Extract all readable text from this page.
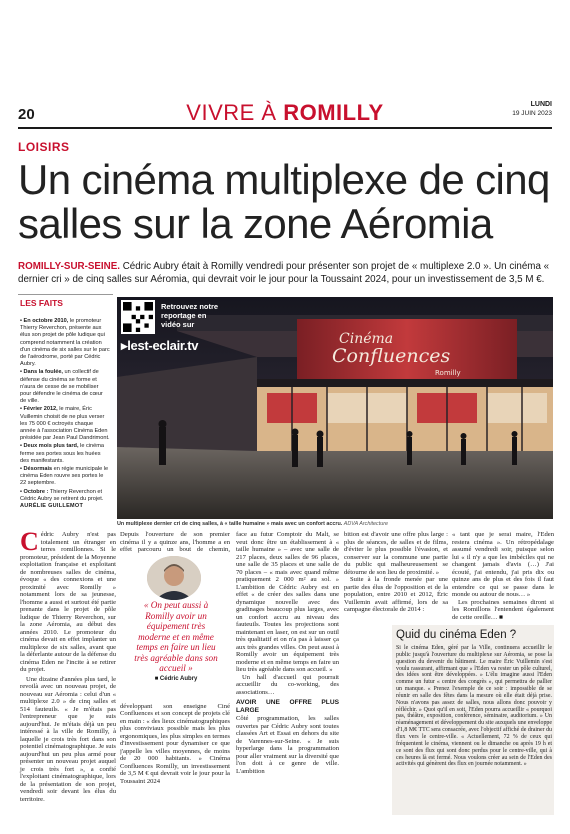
20	VIVRE À ROMILLY	LUNDI
19 JUIN 2023
LOISIRS
Un cinéma multiplexe de cinq salles sur la zone Aéromia
ROMILLY-SUR-SEINE. Cédric Aubry était à Romilly vendredi pour présenter son projet de « multiplexe 2.0 ». Un cinéma « dernier cri » de cinq salles sur Aéromia, qui devrait voir le jour pour la Toussaint 2024, pour un investissement de 3,5 M €.
LES FAITS

• En octobre 2010, le promoteur Thierry Reverchon, présente aux élus son projet de pôle ludique qui comprend notamment la création d'un cinéma de six salles sur le parc de l'aérodrome, porté par Cédric Aubry.

• Dans la foulée, un collectif de défense du cinéma se forme et n'aura de cesse de se mobiliser pour défendre le cinéma de cœur de ville.

• Février 2012, le maire, Éric Vuillemin choisit de ne plus verser les 75 000 € octroyés chaque année à l'association Cinéma Eden présidée par Jean Paul Dandrimont.

• Deux mois plus tard, le cinéma ferme ses portes sous les huées des manifestants.

• Désormais en régie municipale le cinéma Eden rouvre ses portes le 22 septembre.

• Octobre : Thierry Reverchon et Cédric Aubry se retirent du projet.

AURÉLIE GUILLEMOT
Cinéma
Confluences
Romilly
Retrouvez notre reportage en vidéo sur
▸lest-eclair.tv
Un multiplexe dernier cri de cinq salles, à « taille humaine » mais avec un confort accru. ADVA Architecture
Cédric Aubry n'est pas totalement un étranger en terres romillonnes. Si le promoteur, président de la Moyenne exploitation française et exploitant de nombreuses salles de cinéma, évoque « des connexions et une proximité avec Romilly » notamment lors de sa jeunesse, l'homme a aussi et surtout été partie prenante dans le projet de pôle ludique de Thierry Reverchon, sur la zone Aéromia, au début des années 2010. Le promoteur du cinéma devait en effet implanter un multiplexe de six salles, avant que la déferlante autour de la défense du cinéma Eden ne l'incite à se retirer du projet.
Une dizaine d'années plus tard, le revoilà avec un nouveau projet, de nouveau sur Aéromia : celui d'un « multiplexe 2.0 » de cinq salles et 514 fauteuils. « Je m'étais pas l'entrepreneur que je suis aujourd'hui. Je m'étais déjà un peu intéressé à la ville de Romilly, à laquelle je crois très fort dans son potentiel cinématographique. Je suis aujourd'hui un peu plus armé pour présenter un nouveau projet auquel je crois très fort », a confié l'exploitant cinématographique, lors de la présentation de son projet, vendredi soir devant les élus du territoire.
Depuis l'ouverture de son premier cinéma il y a quinze ans, l'homme a en effet parcouru un bout de chemin,
« On peut aussi à Romilly avoir un équipement très moderne et en même temps en faire un lieu très agréable dans son accueil »
■ Cédric Aubry
développant son enseigne Ciné Confluences et son concept de projets clé en main : « des lieux cinématographiques plus conviviaux possible mais les plus ergonomiques, les plus simples en termes d'investissement pour dynamiser ce que j'appelle les villes moyennes, de moins de 20 000 habitants. » Cinéma Confluences Romilly, un investissement de 3,5 M € qui devrait voir le jour pour la Toussaint 2024
face au futur Comptoir du Malt, se veut donc être un établissement à « taille humaine » – avec une salle de 217 places, deux salles de 96 places, une salle de 35 places et une salle de 70 places – « mais avec quand même pratiquement 2 000 m² au sol. » L'ambition de Cédric Aubry est en effet « de créer des salles dans une dynamique nouvelle avec des gradinages beaucoup plus larges, avec un confort accru au niveau des fauteuils. Toutes les projections sont maintenant en laser, on est sur un outil très qualitatif et on n'a pas à laisser ça aux très grandes villes. On peut aussi à Romilly avoir un équipement très moderne et en même temps en faire un lieu très agréable dans son accueil. »
Un hall d'accueil qui pourrait accueillir du co-working, des associations…
AVOIR UNE OFFRE PLUS LARGE
Côté programmation, les salles ouvertes par Cédric Aubry sont toutes classées Art et Essai en dehors du site de Varennes-sur-Seine. « Je suis hyperlarge dans la programmation pour aller vraiment sur la diversité que l'on doit à ce genre de ville. L'ambition
bition est d'avoir une offre plus large : plus de séances, de salles et de films, d'éviter le plus possible l'évasion, et conserver sur la commune une partie du public qui malheureusement se détourne de son lieu de proximité. »
Suite à la fronde menée par une partie des élus de l'opposition et de la population, entre 2010 et 2012, Éric Vuillemin avait affirmé, lors de sa campagne électorale de 2014 :
« tant que je serai maire, l'Eden restera cinéma ». Un rétropédalage assumé vendredi soir, puisque selon lui « il n'y a que les imbéciles qui ne changent jamais d'avis (…) J'ai écouté, j'ai entendu, j'ai pris dix ou quinze ans de plus et des fois il faut entendre ce qui se passe dans le monde ou autour de nous… »
Les prochaines semaines diront si les Romillons l'entendent également de cette oreille… ■
Quid du cinéma Eden ?
Si le cinéma Eden, géré par la Ville, continuera accueillir le public jusqu'à l'ouverture du multiplexe sur Aéromia, se pose la question du devenir du bâtiment. Le maire Éric Vuillemin s'est voulu rassurant, affirmant que « l'Eden va rester un pôle culturel, des idées sont être développées. » L'élu imagine aussi l'Eden comme un futur « centre des congrès », qui permettra de pallier un manque. « Prenez l'exemple de ce soir : impossible de se réunir en salle des fêtes dans la mesure où elle était déjà prise. Nous n'avons pas assez de salles, nous allons donc pouvoir y réfléchir. » Quoi qu'il en soit, l'Eden pourra accueillir « pourquoi pas, théâtre, exposition, conférence, séminaire, auditorium. » Un réaménagement et développement du site auxquels une enveloppe d'1,8 M€ TTC sera consacrée, avec l'objectif affiché de drainer du flux vers le centre-ville. « Actuellement, 72 % de ceux qui fréquentent le cinéma, viennent ou le dimanche ou après 19 h et ce sont des flux qui sont donc perdus pour le centre-ville, qui à ces heures là est fermé. Nous voulons créer au sein de l'Eden des activités qui génèrent des flux en journée notamment. »
